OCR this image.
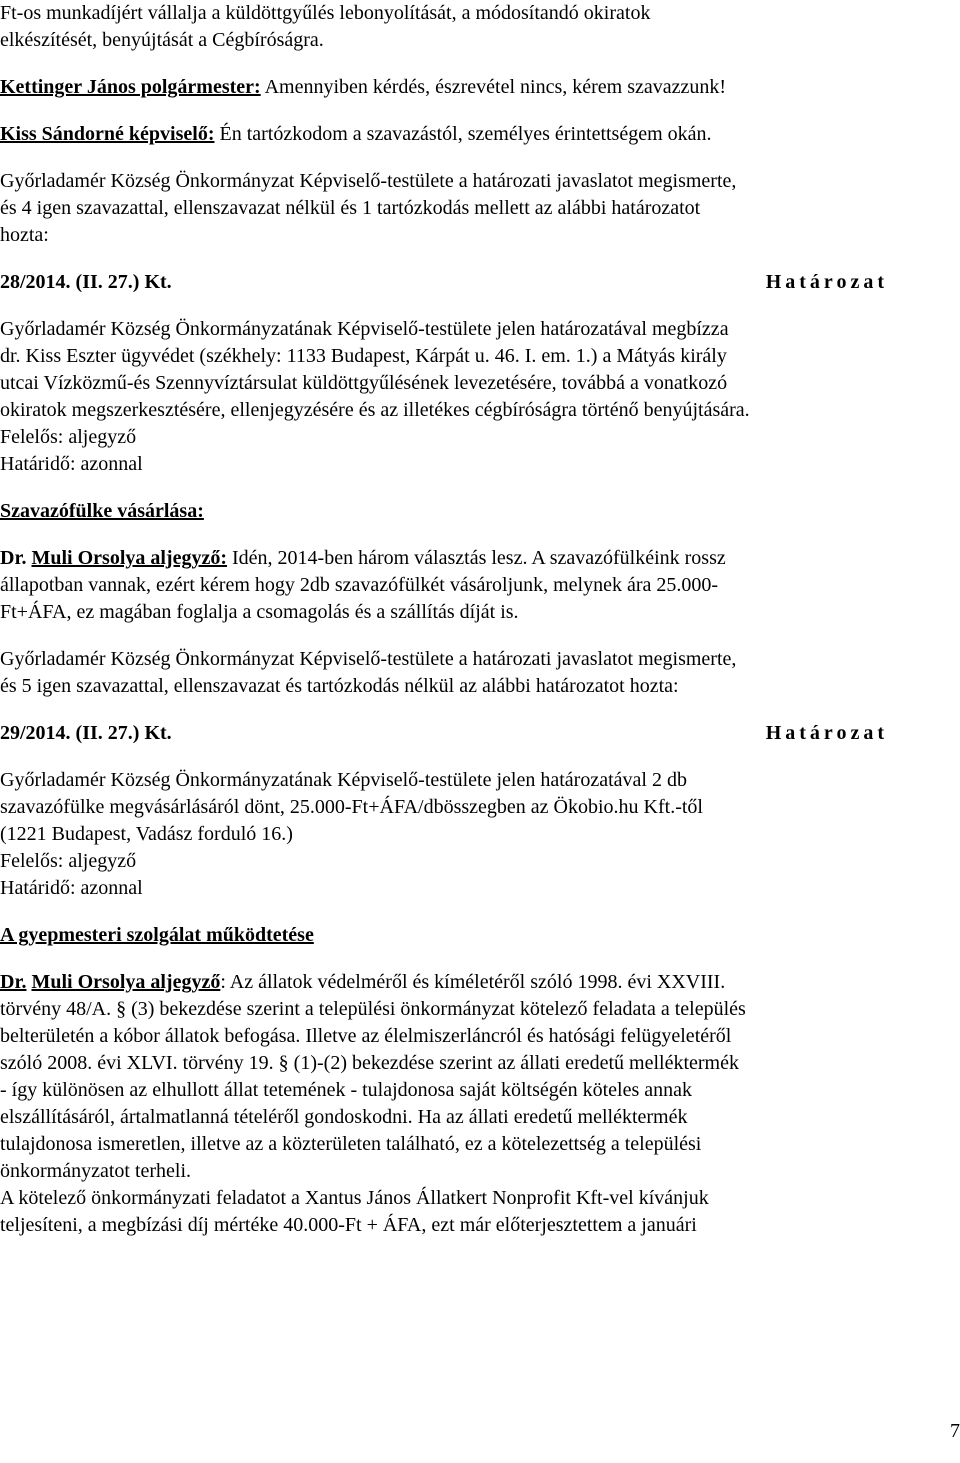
Ft-os munkadíjért vállalja a küldöttgyűlés lebonyolítását, a módosítandó okiratok

elkészítését, benyújtását a Cégbíróságra.

Kettinger János polgármester: Amennyiben kérdés, észrevétel nincs, kérem szavazzunk!

Kiss Sándorné képviselő: Én tartózkodom a szavazástól, személyes érintettségem okán.

Győrladamér Község Önkormányzat Képviselő-testülete a határozati javaslatot megismerte,

és 4 igen szavazattal, ellenszavazat nélkül és 1 tartózkodás mellett az alábbi határozatot

hozta:

28/2014. (II. 27.) Kt.	Határozat

Győrladamér Község Önkormányzatának Képviselő-testülete jelen határozatával megbízza

dr. Kiss Eszter ügyvédet (székhely: 1133 Budapest, Kárpát u. 46. I. em. 1.) a Mátyás király

utcai Vízközmű-és Szennyvíztársulat küldöttgyűlésének levezetésére, továbbá a vonatkozó

okiratok megszerkesztésére, ellenjegyzésére és az illetékes cégbíróságra történő benyújtására.

Felelős: aljegyző

Határidő: azonnal

Szavazófülke vásárlása:

Dr. Muli Orsolya aljegyző: Idén, 2014-ben három választás lesz. A szavazófülkéink rossz

állapotban vannak, ezért kérem hogy 2db szavazófülkét vásároljunk, melynek ára 25.000-

Ft+ÁFA, ez magában foglalja a csomagolás és a szállítás díját is.

Győrladamér Község Önkormányzat Képviselő-testülete a határozati javaslatot megismerte,

és 5 igen szavazattal, ellenszavazat és tartózkodás nélkül az alábbi határozatot hozta:

29/2014. (II. 27.) Kt.	Határozat

Győrladamér Község Önkormányzatának Képviselő-testülete jelen határozatával 2 db

szavazófülke megvásárlásáról dönt, 25.000-Ft+ÁFA/dbösszegben az Ökobio.hu Kft.-től

(1221 Budapest, Vadász forduló 16.)

Felelős: aljegyző

Határidő: azonnal

A gyepmesteri szolgálat működtetése

Dr. Muli Orsolya aljegyző: Az állatok védelméről és kíméletéről szóló 1998. évi XXVIII.

törvény 48/A. § (3) bekezdése szerint a települési önkormányzat kötelező feladata a település

belterületén a kóbor állatok befogása. Illetve az élelmiszerláncról és hatósági felügyeletéről

szóló 2008. évi XLVI. törvény 19. § (1)-(2) bekezdése szerint az állati eredetű melléktermék

- így különösen az elhullott állat tetemének - tulajdonosa saját költségén köteles annak

elszállításáról, ártalmatlanná tételéről gondoskodni. Ha az állati eredetű melléktermék

tulajdonosa ismeretlen, illetve az a közterületen található, ez a kötelezettség a települési

önkormányzatot terheli.

A kötelező önkormányzati feladatot a Xantus János Állatkert Nonprofit Kft-vel kívánjuk

teljesíteni, a megbízási díj mértéke 40.000-Ft + ÁFA, ezt már előterjesztettem a januári

7
